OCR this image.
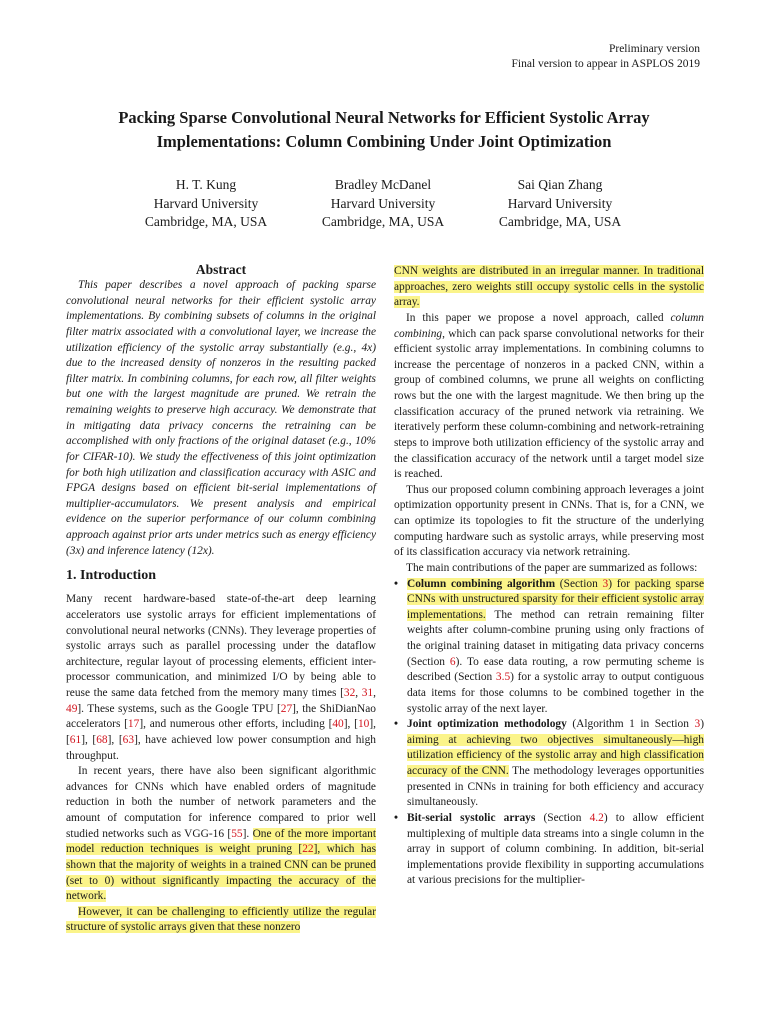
Preliminary version
Final version to appear in ASPLOS 2019
Packing Sparse Convolutional Neural Networks for Efficient Systolic Array
Implementations: Column Combining Under Joint Optimization
H. T. Kung
Harvard University
Cambridge, MA, USA
Bradley McDanel
Harvard University
Cambridge, MA, USA
Sai Qian Zhang
Harvard University
Cambridge, MA, USA
Abstract

This paper describes a novel approach of packing sparse convolutional neural networks for their efficient systolic array implementations. By combining subsets of columns in the original filter matrix associated with a convolutional layer, we increase the utilization efficiency of the systolic array substantially (e.g., 4x) due to the increased density of nonzeros in the resulting packed filter matrix. In combining columns, for each row, all filter weights but one with the largest magnitude are pruned. We retrain the remaining weights to preserve high accuracy. We demonstrate that in mitigating data privacy concerns the retraining can be accomplished with only fractions of the original dataset (e.g., 10% for CIFAR-10). We study the effectiveness of this joint optimization for both high utilization and classification accuracy with ASIC and FPGA designs based on efficient bit-serial implementations of multiplier-accumulators. We present analysis and empirical evidence on the superior performance of our column combining approach against prior arts under metrics such as energy efficiency (3x) and inference latency (12x).

1. Introduction

Many recent hardware-based state-of-the-art deep learning accelerators use systolic arrays for efficient implementations of convolutional neural networks (CNNs). They leverage properties of systolic arrays such as parallel processing under the dataflow architecture, regular layout of processing elements, efficient inter-processor communication, and minimized I/O by being able to reuse the same data fetched from the memory many times [32, 31, 49]. These systems, such as the Google TPU [27], the ShiDianNao accelerators [17], and numerous other efforts, including [40], [10], [61], [68], [63], have achieved low power consumption and high throughput.

In recent years, there have also been significant algorithmic advances for CNNs which have enabled orders of magnitude reduction in both the number of network parameters and the amount of computation for inference compared to prior well studied networks such as VGG-16 [55]. One of the more important model reduction techniques is weight pruning [22], which has shown that the majority of weights in a trained CNN can be pruned (set to 0) without significantly impacting the accuracy of the network.

However, it can be challenging to efficiently utilize the regular structure of systolic arrays given that these nonzero

CNN weights are distributed in an irregular manner. In traditional approaches, zero weights still occupy systolic cells in the systolic array.

In this paper we propose a novel approach, called column combining, which can pack sparse convolutional networks for their efficient systolic array implementations. In combining columns to increase the percentage of nonzeros in a packed CNN, within a group of combined columns, we prune all weights on conflicting rows but the one with the largest magnitude. We then bring up the classification accuracy of the pruned network via retraining. We iteratively perform these column-combining and network-retraining steps to improve both utilization efficiency of the systolic array and the classification accuracy of the network until a target model size is reached.

Thus our proposed column combining approach leverages a joint optimization opportunity present in CNNs. That is, for a CNN, we can optimize its topologies to fit the structure of the underlying computing hardware such as systolic arrays, while preserving most of its classification accuracy via network retraining.

The main contributions of the paper are summarized as follows:

• Column combining algorithm (Section 3) for packing sparse CNNs with unstructured sparsity for their efficient systolic array implementations. The method can retrain remaining filter weights after column-combine pruning using only fractions of the original training dataset in mitigating data privacy concerns (Section 6). To ease data routing, a row permuting scheme is described (Section 3.5) for a systolic array to output contiguous data items for those columns to be combined together in the systolic array of the next layer.
• Joint optimization methodology (Algorithm 1 in Section 3) aiming at achieving two objectives simultaneously—high utilization efficiency of the systolic array and high classification accuracy of the CNN. The methodology leverages opportunities presented in CNNs in training for both efficiency and accuracy simultaneously.
• Bit-serial systolic arrays (Section 4.2) to allow efficient multiplexing of multiple data streams into a single column in the array in support of column combining. In addition, bit-serial implementations provide flexibility in supporting accumulations at various precisions for the multiplier-
